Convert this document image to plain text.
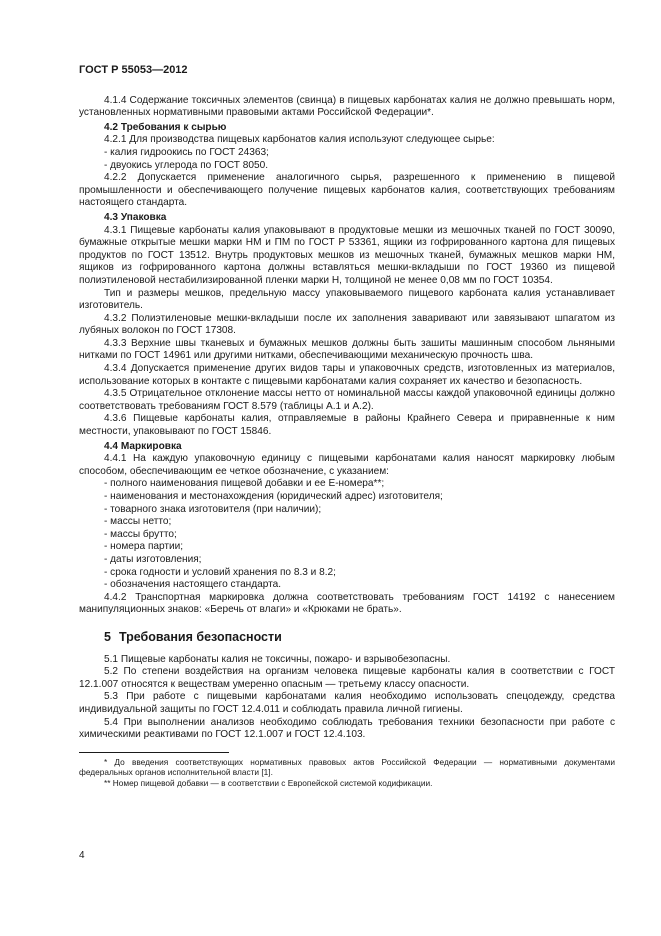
ГОСТ Р 55053—2012

4.1.4 Содержание токсичных элементов (свинца) в пищевых карбонатах калия не должно превышать норм, установленных нормативными правовыми актами Российской Федерации*.

4.2 Требования к сырью

4.2.1 Для производства пищевых карбонатов калия используют следующее сырье:

- калия гидроокись по ГОСТ 24363;
- двуокись углерода по ГОСТ 8050.

4.2.2 Допускается применение аналогичного сырья, разрешенного к применению в пищевой промышленности и обеспечивающего получение пищевых карбонатов калия, соответствующих требованиям настоящего стандарта.

4.3 Упаковка

4.3.1 Пищевые карбонаты калия упаковывают в продуктовые мешки из мешочных тканей по ГОСТ 30090, бумажные открытые мешки марки НМ и ПМ по ГОСТ Р 53361, ящики из гофрированного картона для пищевых продуктов по ГОСТ 13512. Внутрь продуктовых мешков из мешочных тканей, бумажных мешков марки НМ, ящиков из гофрированного картона должны вставляться мешки-вкладыши по ГОСТ 19360 из пищевой полиэтиленовой нестабилизированной пленки марки Н, толщиной не менее 0,08 мм по ГОСТ 10354.

Тип и размеры мешков, предельную массу упаковываемого пищевого карбоната калия устанавливает изготовитель.

4.3.2 Полиэтиленовые мешки-вкладыши после их заполнения заваривают или завязывают шпагатом из лубяных волокон по ГОСТ 17308.

4.3.3 Верхние швы тканевых и бумажных мешков должны быть зашиты машинным способом льняными нитками по ГОСТ 14961 или другими нитками, обеспечивающими механическую прочность шва.

4.3.4 Допускается применение других видов тары и упаковочных средств, изготовленных из материалов, использование которых в контакте с пищевыми карбонатами калия сохраняет их качество и безопасность.

4.3.5 Отрицательное отклонение массы нетто от номинальной массы каждой упаковочной единицы должно соответствовать требованиям ГОСТ 8.579 (таблицы А.1 и А.2).

4.3.6 Пищевые карбонаты калия, отправляемые в районы Крайнего Севера и приравненные к ним местности, упаковывают по ГОСТ 15846.

4.4 Маркировка

4.4.1 На каждую упаковочную единицу с пищевыми карбонатами калия наносят маркировку любым способом, обеспечивающим ее четкое обозначение, с указанием:

- полного наименования пищевой добавки и ее Е-номера**;
- наименования и местонахождения (юридический адрес) изготовителя;
- товарного знака изготовителя (при наличии);
- массы нетто;
- массы брутто;
- номера партии;
- даты изготовления;
- срока годности и условий хранения по 8.3 и 8.2;
- обозначения настоящего стандарта.

4.4.2 Транспортная маркировка должна соответствовать требованиям ГОСТ 14192 с нанесением манипуляционных знаков: «Беречь от влаги» и «Крюками не брать».

5 Требования безопасности

5.1 Пищевые карбонаты калия не токсичны, пожаро- и взрывобезопасны.

5.2 По степени воздействия на организм человека пищевые карбонаты калия в соответствии с ГОСТ 12.1.007 относятся к веществам умеренно опасным — третьему классу опасности.

5.3 При работе с пищевыми карбонатами калия необходимо использовать спецодежду, средства индивидуальной защиты по ГОСТ 12.4.011 и соблюдать правила личной гигиены.

5.4 При выполнении анализов необходимо соблюдать требования техники безопасности при работе с химическими реактивами по ГОСТ 12.1.007 и ГОСТ 12.4.103.

* До введения соответствующих нормативных правовых актов Российской Федерации — нормативными документами федеральных органов исполнительной власти [1].

** Номер пищевой добавки — в соответствии с Европейской системой кодификации.

4
